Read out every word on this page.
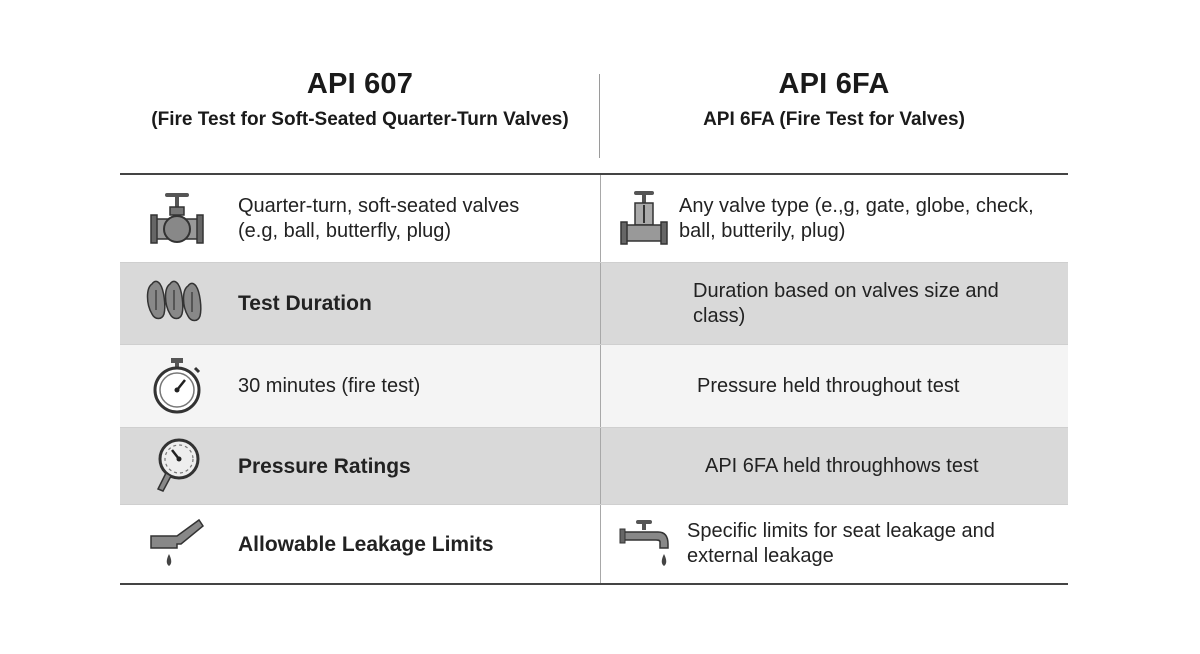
API 607
(Fire Test for Soft-Seated Quarter-Turn Valves)
API 6FA
API 6FA (Fire Test for Valves)
Quarter-turn, soft-seated valves
(e.g, ball, butterfly, plug)
Any valve type (e.,g, gate, globe, check,
ball, butterily, plug)
Test Duration
Duration based on valves size and
class)
30 minutes (fire test)	Pressure held throughout test
Pressure Ratings	API 6FA held throughhows test
Allowable Leakage Limits
Specific limits for seat leakage and
external leakage
